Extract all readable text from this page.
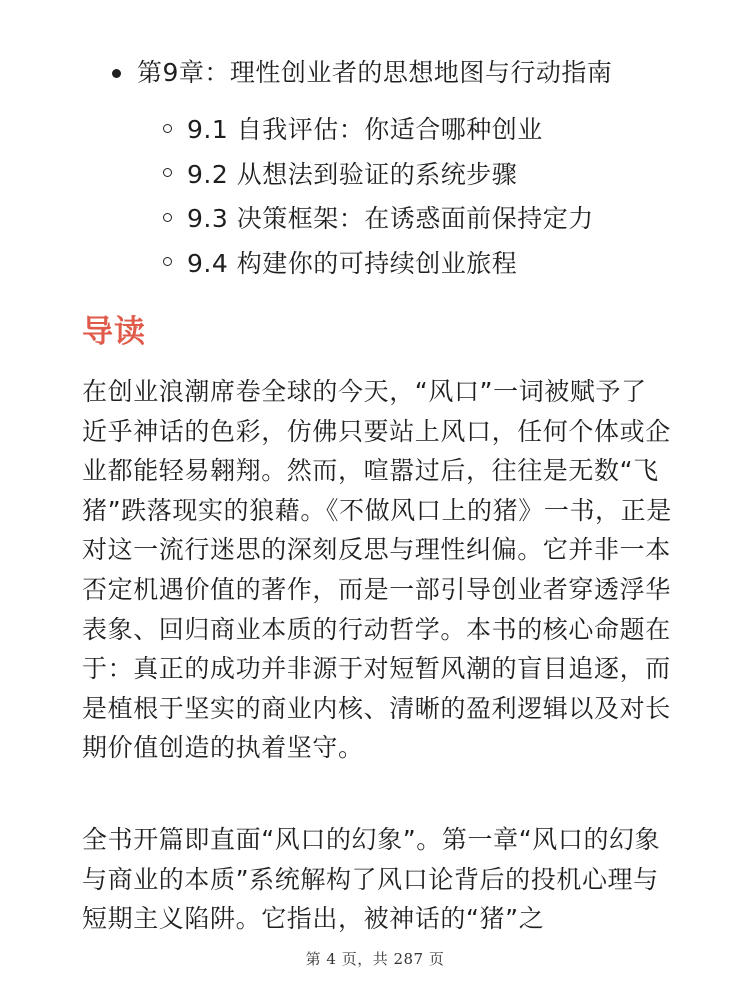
第9章：理性创业者的思想地图与行动指南
9.1 自我评估：你适合哪种创业
9.2 从想法到验证的系统步骤
9.3 决策框架：在诱惑面前保持定力
9.4 构建你的可持续创业旅程
导读

在创业浪潮席卷全球的今天，“风口”一词被赋予了近乎神话的色彩，仿佛只要站上风口，任何个体或企业都能轻易翱翔。然而，喧嚣过后，往往是无数“飞猪”跌落现实的狼藉。《不做风口上的猪》一书，正是对这一流行迷思的深刻反思与理性纠偏。它并非一本否定机遇价值的著作，而是一部引导创业者穿透浮华表象、回归商业本质的行动哲学。本书的核心命题在于：真正的成功并非源于对短暂风潮的盲目追逐，而是植根于坚实的商业内核、清晰的盈利逻辑以及对长期价值创造的执着坚守。

全书开篇即直面“风口的幻象”。第一章“风口的幻象与商业的本质”系统解构了风口论背后的投机心理与短期主义陷阱。它指出，被神话的“猪”之

第 4 页，共 287 页
